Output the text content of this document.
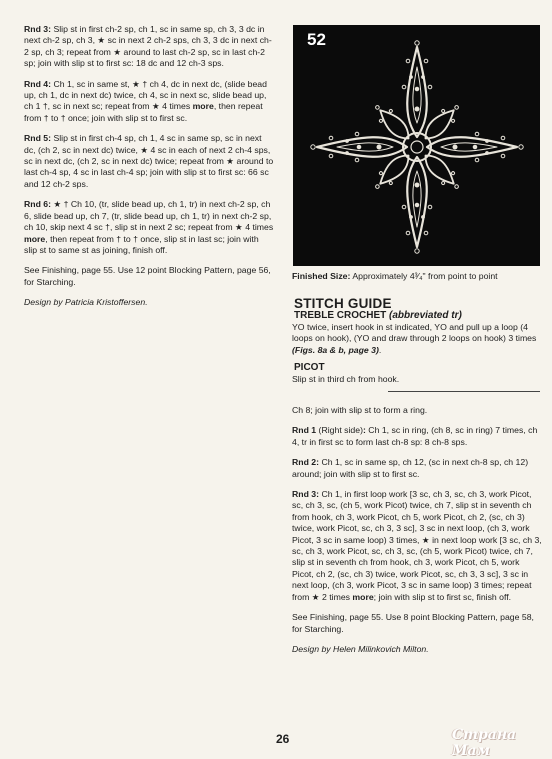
Rnd 3: Slip st in first ch-2 sp, ch 1, sc in same sp, ch 3, 3 dc in next ch-2 sp, ch 3, ★ sc in next 2 ch-2 sps, ch 3, 3 dc in next ch-2 sp, ch 3; repeat from ★ around to last ch-2 sp, sc in last ch-2 sp; join with slip st to first sc: 18 dc and 12 ch-3 sps.

Rnd 4: Ch 1, sc in same st, ★ † ch 4, dc in next dc, (slide bead up, ch 1, dc in next dc) twice, ch 4, sc in next sc, slide bead up, ch 1 †, sc in next sc; repeat from ★ 4 times more, then repeat from † to † once; join with slip st to first sc.

Rnd 5: Slip st in first ch-4 sp, ch 1, 4 sc in same sp, sc in next dc, (ch 2, sc in next dc) twice, ★ 4 sc in each of next 2 ch-4 sps, sc in next dc, (ch 2, sc in next dc) twice; repeat from ★ around to last ch-4 sp, 4 sc in last ch-4 sp; join with slip st to first sc: 66 sc and 12 ch-2 sps.

Rnd 6: ★ † Ch 10, (tr, slide bead up, ch 1, tr) in next ch-2 sp, ch 6, slide bead up, ch 7, (tr, slide bead up, ch 1, tr) in next ch-2 sp, ch 10, skip next 4 sc †, slip st in next 2 sc; repeat from ★ 4 times more, then repeat from † to † once, slip st in last sc; join with slip st to same st as joining, finish off.

See Finishing, page 55. Use 12 point Blocking Pattern, page 56, for Starching.

Design by Patricia Kristoffersen.

52
Finished Size: Approximately 4³⁄₄" from point to point
STITCH GUIDE
TREBLE CROCHET (abbreviated tr)
YO twice, insert hook in st indicated, YO and pull up a loop (4 loops on hook), (YO and draw through 2 loops on hook) 3 times (Figs. 8a & b, page 3).
PICOT
Slip st in third ch from hook.

Ch 8; join with slip st to form a ring.

Rnd 1 (Right side): Ch 1, sc in ring, (ch 8, sc in ring) 7 times, ch 4, tr in first sc to form last ch-8 sp: 8 ch-8 sps.

Rnd 2: Ch 1, sc in same sp, ch 12, (sc in next ch-8 sp, ch 12) around; join with slip st to first sc.

Rnd 3: Ch 1, in first loop work [3 sc, ch 3, sc, ch 3, work Picot, sc, ch 3, sc, (ch 5, work Picot) twice, ch 7, slip st in seventh ch from hook, ch 3, work Picot, ch 5, work Picot, ch 2, (sc, ch 3) twice, work Picot, sc, ch 3, 3 sc], 3 sc in next loop, (ch 3, work Picot, 3 sc in same loop) 3 times, ★ in next loop work [3 sc, ch 3, sc, ch 3, work Picot, sc, ch 3, sc, (ch 5, work Picot) twice, ch 7, slip st in seventh ch from hook, ch 3, work Picot, ch 5, work Picot, ch 2, (sc, ch 3) twice, work Picot, sc, ch 3, 3 sc], 3 sc in next loop, (ch 3, work Picot, 3 sc in same loop) 3 times; repeat from ★ 2 times more; join with slip st to first sc, finish off.

See Finishing, page 55. Use 8 point Blocking Pattern, page 58, for Starching.

Design by Helen Milinkovich Milton.

26	Страна Мам
